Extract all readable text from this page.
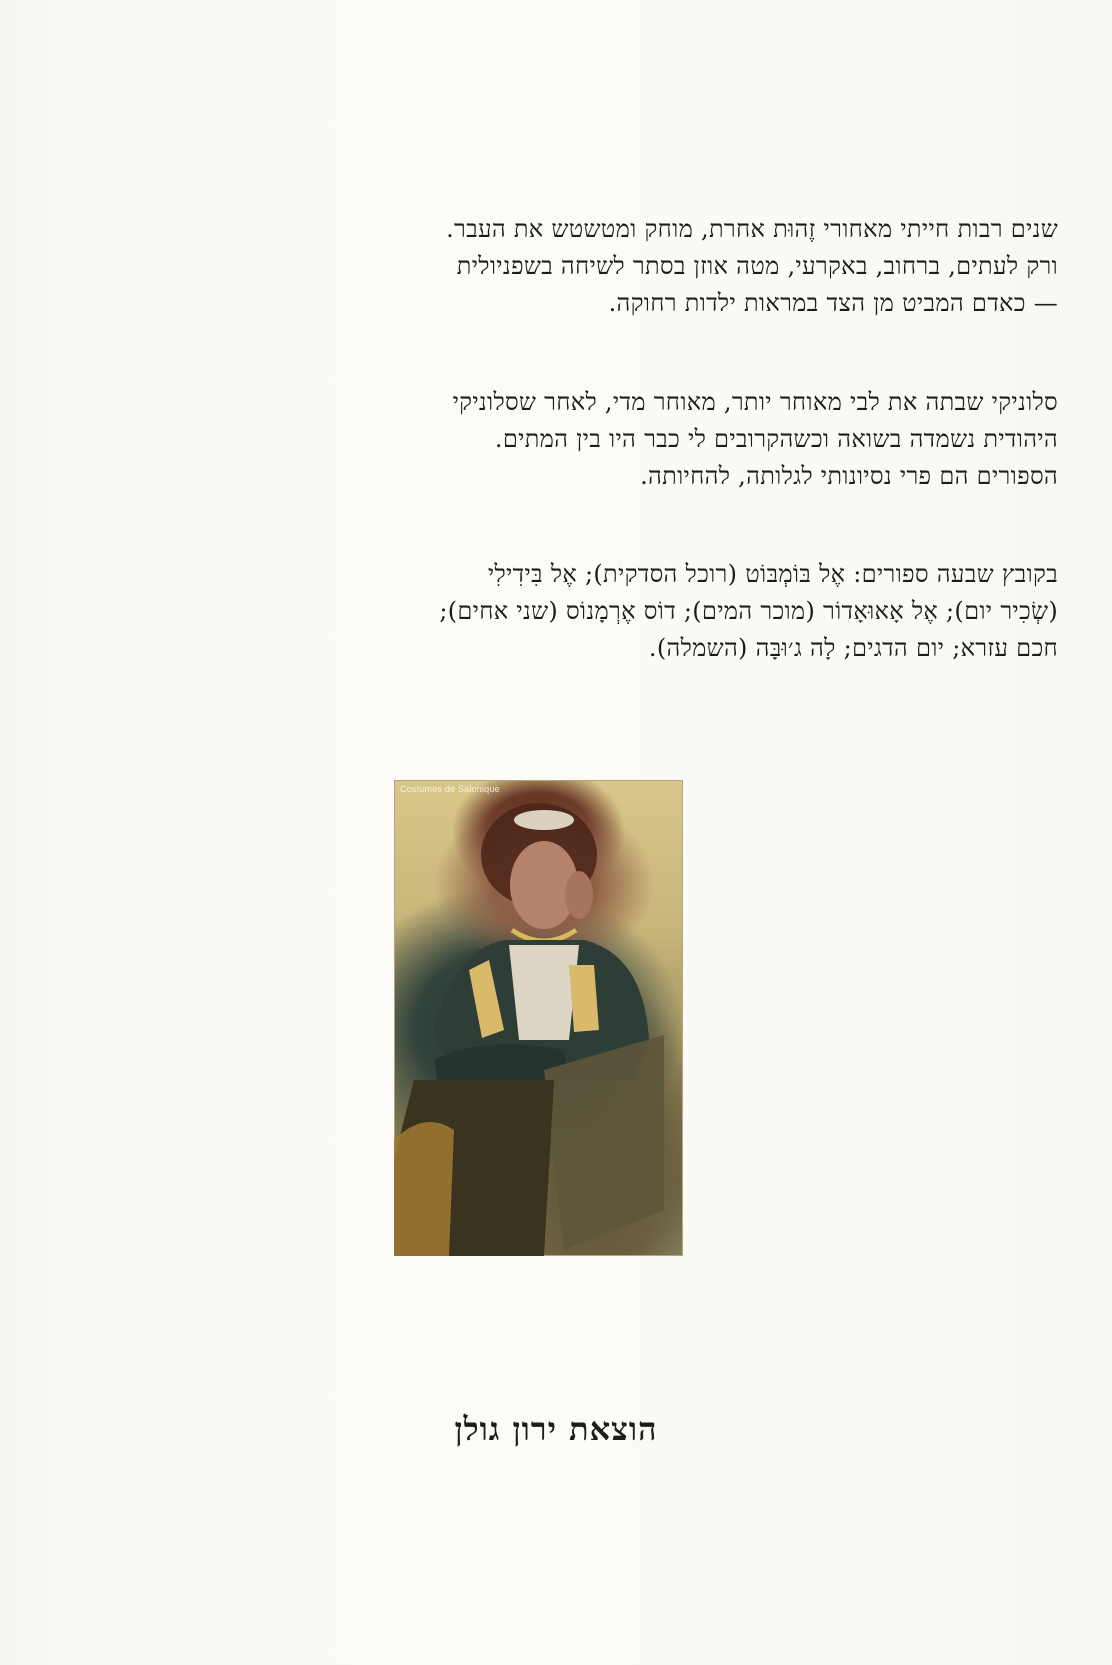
שנים רבות חייתי מאחורי זֶהוּת אחרת, מוחק ומטשטש את העבר.
ורק לעתים, ברחוב, באקרעי, מטה אוזן בסתר לשיחה בשפניולית
— כאדם המביט מן הצד במראות ילדות רחוקה.
סלוניקי שבתה את לבי מאוחר יותר, מאוחר מדי, לאחר שסלוניקי
היהודית נשמדה בשואה וכשהקרובים לי כבר היו בין המתים.
הספורים הם פרי נסיונותי לגלותה, להחיותה.
בקובץ שבעה ספורים: אֶל בּוֹמְבּוֹט (רוכל הסדקית); אֶל בִּידִילִי
(שְׂכִיר יום); אֶל אָאוּאָדוֹר (מוכר המים); דוֹס אֶרְמָנוֹס (שני אחים);
חכם עזרא; יום הדגים; לָה ג׳וּבָּה (השמלה).
Costumes de Salonique
הוצאת ירון גולן
